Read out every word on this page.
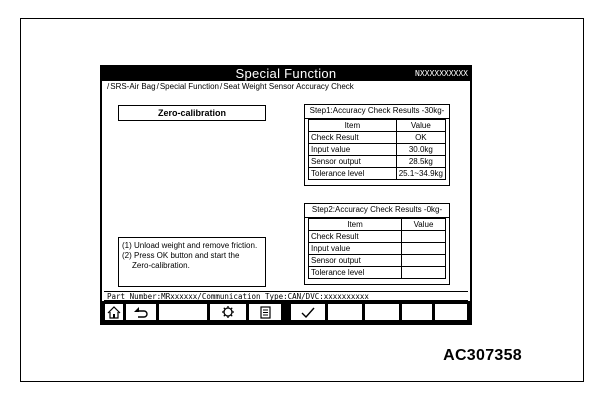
Special Function	NXXXXXXXXXX
/SRS-Air Bag/Special Function/Seat Weight Sensor Accuracy Check
Zero-calibration
(1) Unload weight and remove friction.
(2) Press OK button and start the
Zero-calibration.
Step1:Accuracy Check Results -30kg-
Item	Value
Check Result	OK
Input value	30.0kg
Sensor output	28.5kg
Tolerance level	25.1~34.9kg
Step2:Accuracy Check Results -0kg-
Item	Value
Check Result	
Input value	
Sensor output	
Tolerance level	
Part Number:MRxxxxxx/Communication Type:CAN/DVC:xxxxxxxxxx
AC307358
